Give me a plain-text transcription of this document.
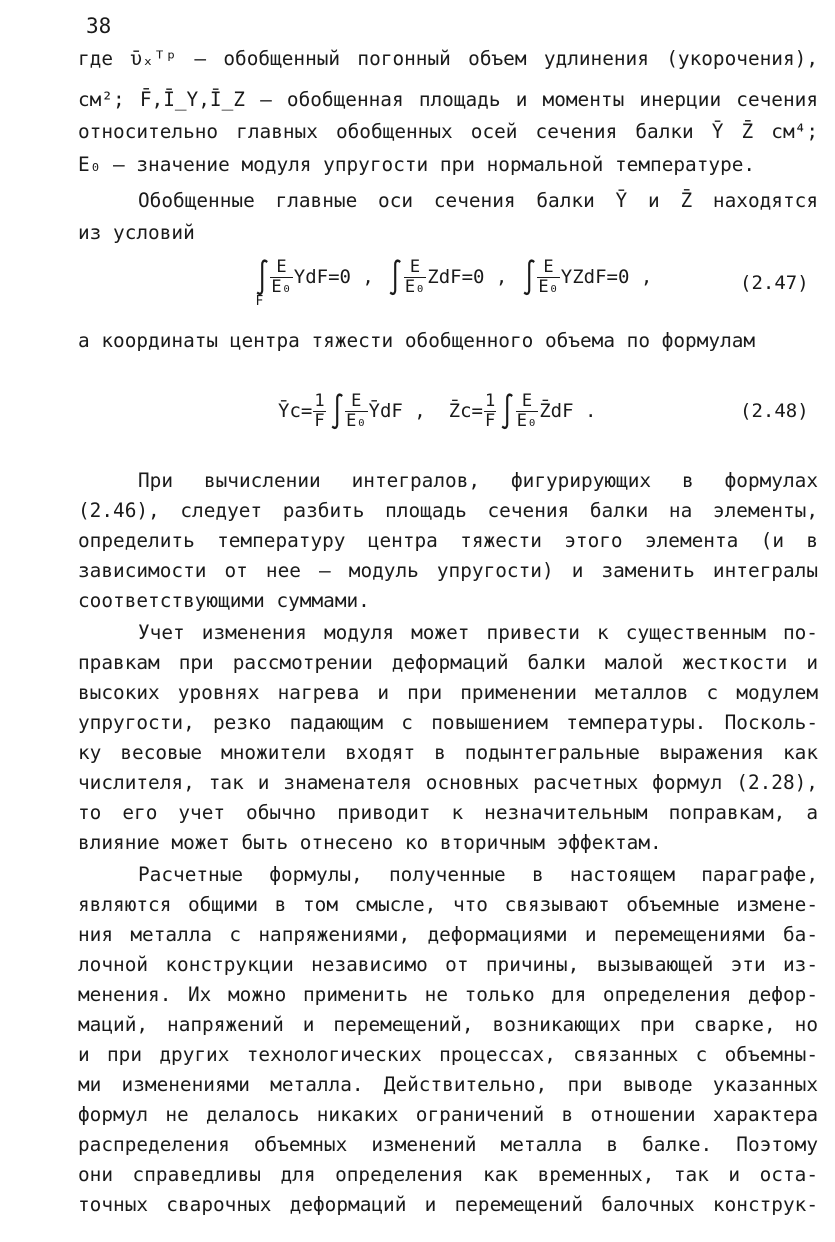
38
где ῡₓᵀᵖ – обобщенный погонный объем удлинения (укорочения),
см²; F̄,Ī_Y,Ī_Z – обобщенная площадь и моменты инерции сечения
относительно главных обобщенных осей сечения балки Ȳ Z̄ см⁴;
E₀ – значение модуля упругости при нормальной температуре.
Обобщенные главные оси сечения балки Ȳ и Z̄ находятся
из условий
$\int_F$
$\frac{E}{\text{E₀}} YdF=0$ , ∫ $\frac{E}{\text{E₀}} ZdF=0$ , ∫ $\frac{E}{\text{E₀}}$ YZdF=0 ,	(2.47)
а координаты центра тяжести обобщенного объема по формулам
Ȳc= $\frac{1}{F}$ ∫ $\frac{E}{\text{E₀}}$ ȲdF , Z̄c= $\frac{1}{F}$ ∫ $\frac{E}{\text{E₀}}$ Z̄dF .	(2.48)
При вычислении интегралов, фигурирующих в формулах
(2.46), следует разбить площадь сечения балки на элементы,
определить температуру центра тяжести этого элемента (и в
зависимости от нее – модуль упругости) и заменить интегралы
соответствующими суммами.
Учет изменения модуля может привести к существенным по-
правкам при рассмотрении деформаций балки малой жесткости и
высоких уровнях нагрева и при применении металлов с модулем
упругости, резко падающим с повышением температуры. Посколь-
ку весовые множители входят в подынтегральные выражения как
числителя, так и знаменателя основных расчетных формул (2.28),
то его учет обычно приводит к незначительным поправкам, а
влияние может быть отнесено ко вторичным эффектам.
Расчетные формулы, полученные в настоящем параграфе,
являются общими в том смысле, что связывают объемные измене-
ния металла с напряжениями, деформациями и перемещениями ба-
лочной конструкции независимо от причины, вызывающей эти из-
менения. Их можно применить не только для определения дефор-
маций, напряжений и перемещений, возникающих при сварке, но
и при других технологических процессах, связанных с объемны-
ми изменениями металла. Действительно, при выводе указанных
формул не делалось никаких ограничений в отношении характера
распределения объемных изменений металла в балке. Поэтому
они справедливы для определения как временных, так и оста-
точных сварочных деформаций и перемещений балочных конструк-
